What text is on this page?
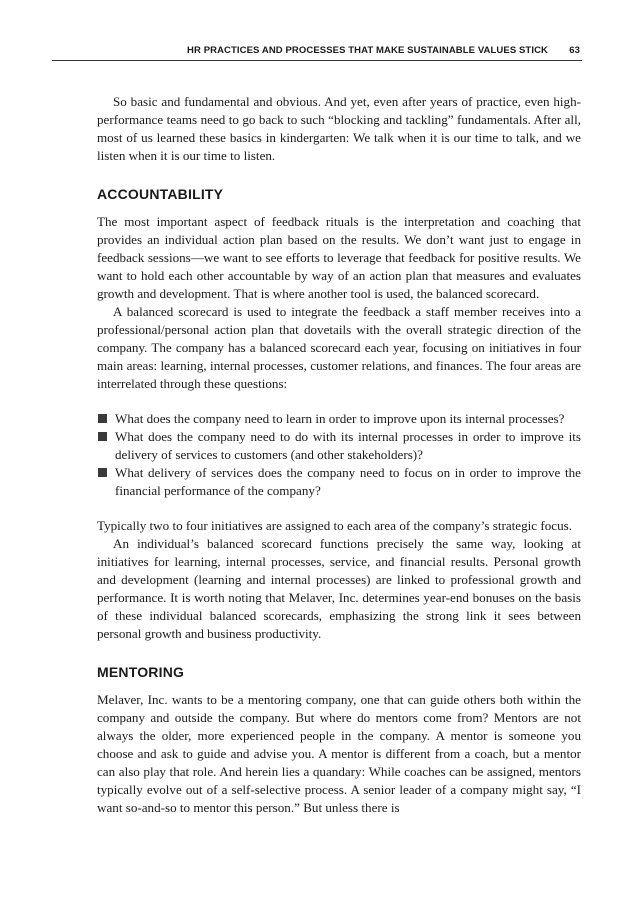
HR PRACTICES AND PROCESSES THAT MAKE SUSTAINABLE VALUES STICK 63

So basic and fundamental and obvious. And yet, even after years of practice, even high-performance teams need to go back to such “blocking and tackling” fundamentals. After all, most of us learned these basics in kindergarten: We talk when it is our time to talk, and we listen when it is our time to listen.

ACCOUNTABILITY

The most important aspect of feedback rituals is the interpretation and coaching that provides an individual action plan based on the results. We don’t want just to engage in feedback sessions—we want to see efforts to leverage that feedback for positive results. We want to hold each other accountable by way of an action plan that measures and evaluates growth and development. That is where another tool is used, the balanced scorecard.

A balanced scorecard is used to integrate the feedback a staff member receives into a professional/personal action plan that dovetails with the overall strategic direction of the company. The company has a balanced scorecard each year, focusing on initiatives in four main areas: learning, internal processes, customer relations, and finances. The four areas are interrelated through these questions:

What does the company need to learn in order to improve upon its internal processes?
What does the company need to do with its internal processes in order to improve its delivery of services to customers (and other stakeholders)?
What delivery of services does the company need to focus on in order to improve the financial performance of the company?

Typically two to four initiatives are assigned to each area of the company’s strategic focus.

An individual’s balanced scorecard functions precisely the same way, looking at initiatives for learning, internal processes, service, and financial results. Personal growth and development (learning and internal processes) are linked to professional growth and performance. It is worth noting that Melaver, Inc. determines year-end bonuses on the basis of these individual balanced scorecards, emphasizing the strong link it sees between personal growth and business productivity.

MENTORING

Melaver, Inc. wants to be a mentoring company, one that can guide others both within the company and outside the company. But where do mentors come from? Mentors are not always the older, more experienced people in the company. A mentor is someone you choose and ask to guide and advise you. A mentor is different from a coach, but a mentor can also play that role. And herein lies a quandary: While coaches can be assigned, mentors typically evolve out of a self-selective process. A senior leader of a company might say, “I want so-and-so to mentor this person.” But unless there is
